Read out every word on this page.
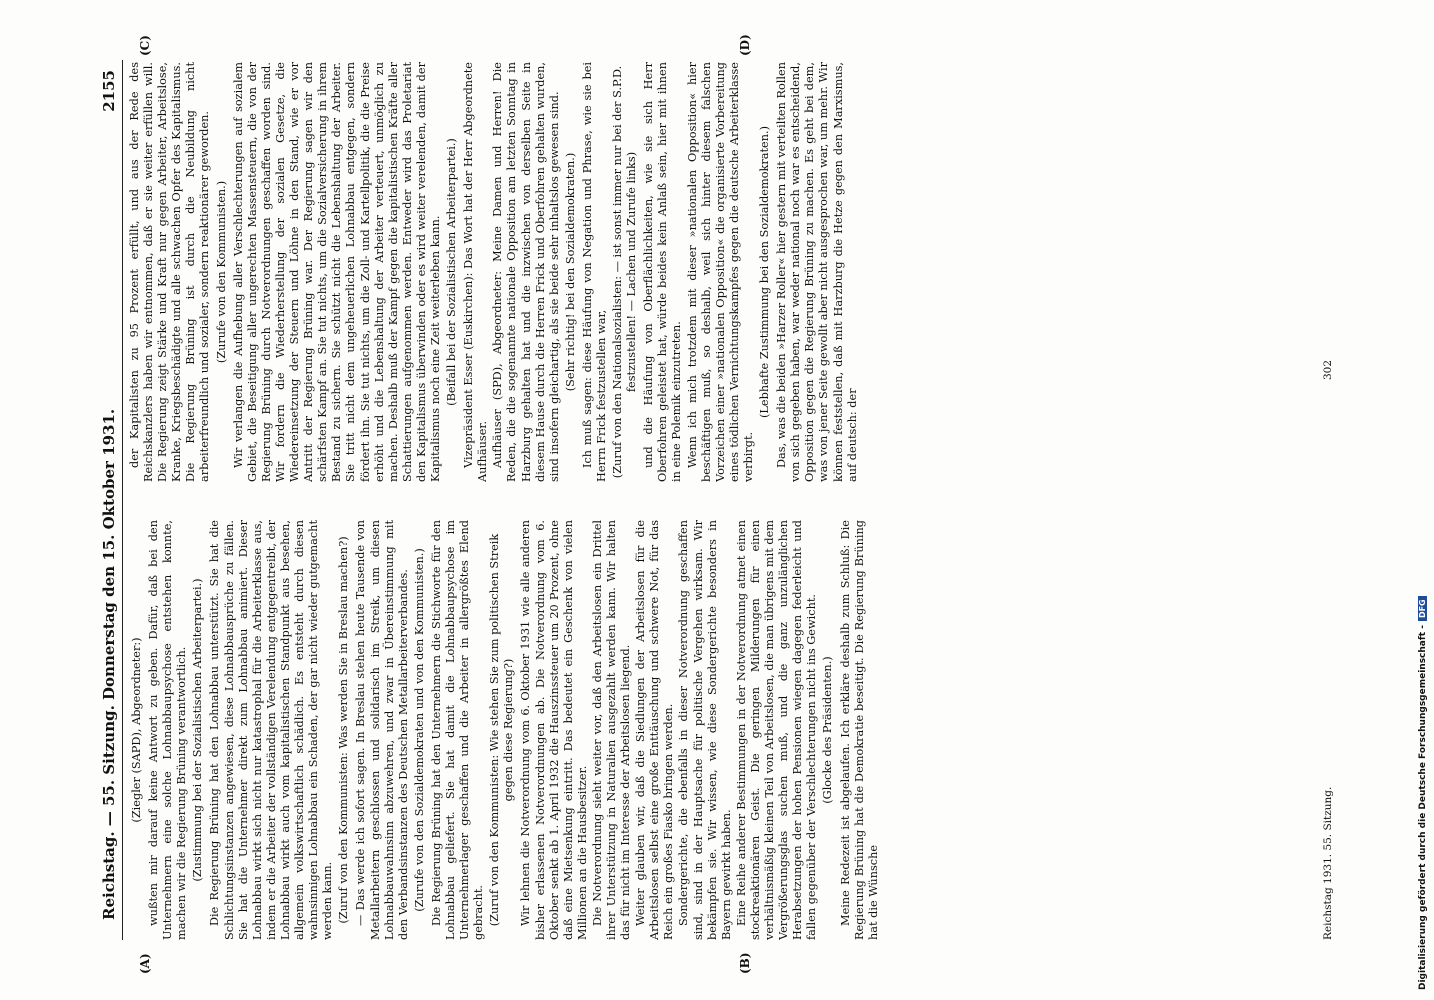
Reichstag. — 55. Sitzung. Donnerstag den 15. Oktober 1931.
2155

(Ziegler (SAPD), Abgeordneter:) wußten mir darauf keine Antwort zu geben. Dafür, daß bei den Unternehmern eine solche Lohnabbaupsychose entstehen konnte, machen wir die Regierung Brüning verantwortlich. (Zustimmung bei der Sozialistischen Arbeiterpartei.) Die Regierung Brüning hat den Lohnabbau unterstützt. Sie hat die Schlichtungsinstanzen angewiesen, diese Lohnabbausprüche zu fällen. Sie hat die Unternehmer direkt zum Lohnabbau animiert. Dieser Lohnabbau wirkt sich nicht nur katastrophal für die Arbeiterklasse aus, indem er die Arbeiter der vollständigen Verelendung entgegentreibt, der Lohnabbau wirkt auch vom kapitalistischen Standpunkt aus besehen, allgemein volkswirtschaftlich schädlich. Es entsteht durch diesen wahnsinnigen Lohnabbau ein Schaden, der gar nicht wieder gutgemacht werden kann. (Zuruf von den Kommunisten: Was werden Sie in Breslau machen?) — Das werde ich sofort sagen. In Breslau stehen heute Tausende von Metallarbeitern geschlossen und solidarisch im Streik, um diesen Lohnabbauwahnsinn abzuwehren, und zwar in Übereinstimmung mit den Verbandsinstanzen des Deutschen Metallarbeiterverbandes. (Zurufe von den Sozialdemokraten und von den Kommunisten.) Die Regierung Brüning hat den Unternehmern die Stichworte für den Lohnabbau geliefert. Sie hat damit die Lohnabbaupsychose im Unternehmerlager geschaffen und die Arbeiter in allergrößtes Elend gebracht. (Zuruf von den Kommunisten: Wie stehen Sie zum politischen Streik gegen diese Regierung?) Wir lehnen die Notverordnung vom 6. Oktober 1931 wie alle anderen bisher erlassenen Notverordnungen ab. Die Notverordnung vom 6. Oktober senkt ab 1. April 1932 die Hauszinssteuer um 20 Prozent, ohne daß eine Mietsenkung eintritt. Das bedeutet ein Geschenk von vielen Millionen an die Hausbesitzer. Die Notverordnung sieht weiter vor, daß den Arbeitslosen ein Drittel ihrer Unterstützung in Naturalien ausgezahlt werden kann. Wir halten das für nicht im Interesse der Arbeitslosen liegend. Weiter glauben wir, daß die Siedlungen der Arbeitslosen für die Arbeitslosen selbst eine große Enttäuschung und schwere Not, für das Reich ein großes Fiasko bringen werden. Sondergerichte, die ebenfalls in dieser Notverordnung geschaffen sind, sind in der Hauptsache für politische Vergehen wirksam. Wir bekämpfen sie. Wir wissen, wie diese Sondergerichte besonders in Bayern gewirkt haben. Eine Reihe anderer Bestimmungen in der Notverordnung atmet einen stockreaktionären Geist. Die geringen Milderungen für einen verhältnismäßig kleinen Teil von Arbeitslosen, die man übrigens mit dem Vergrößerungsglas suchen muß, und die ganz unzulänglichen Herabsetzungen der hohen Pensionen wiegen dagegen federleicht und fallen gegenüber der Verschlechterungen nicht ins Gewicht. (Glocke des Präsidenten.) Meine Redezeit ist abgelaufen. Ich erkläre deshalb zum Schluß: Die Regierung Brüning hat die Demokratie beseitigt. Die Regierung Brüning hat die Wünsche

der Kapitalisten zu 95 Prozent erfüllt, und aus der Rede des Reichskanzlers haben wir entnommen, daß er sie weiter erfüllen will. Die Regierung zeigt Stärke und Kraft nur gegen Arbeiter, Arbeitslose, Kranke, Kriegsbeschädigte und alle schwachen Opfer des Kapitalismus. Die Regierung Brüning ist durch die Neubildung nicht arbeiterfreundlich und sozialer, sondern reaktionärer geworden. (Zurufe von den Kommunisten.) Wir verlangen die Aufhebung aller Verschlechterungen auf sozialem Gebiet, die Beseitigung aller ungerechten Massensteuern, die von der Regierung Brüning durch Notverordnungen geschaffen worden sind. Wir fordern die Wiederherstellung der sozialen Gesetze, die Wiedereinsetzung der Steuern und Löhne in den Stand, wie er vor Antritt der Regierung Brüning war. Der Regierung sagen wir den schärfsten Kampf an. Sie tut nichts, um die Sozialversicherung in ihrem Bestand zu sichern. Sie schützt nicht die Lebenshaltung der Arbeiter. Sie tritt nicht dem ungeheuerlichen Lohnabbau entgegen, sondern fördert ihn. Sie tut nichts, um die Zoll- und Kartellpolitik, die die Preise erhöht und die Lebenshaltung der Arbeiter verteuert, unmöglich zu machen. Deshalb muß der Kampf gegen die kapitalistischen Kräfte aller Schattierungen aufgenommen werden. Entweder wird das Proletariat den Kapitalismus überwinden oder es wird weiter verelenden, damit der Kapitalismus noch eine Zeit weiterleben kann. (Beifall bei der Sozialistischen Arbeiterpartei.) Vizepräsident Esser (Euskirchen): Das Wort hat der Herr Abgeordnete Aufhäuser. Aufhäuser (SPD), Abgeordneter: Meine Damen und Herren! Die Reden, die die sogenannte nationale Opposition am letzten Sonntag in Harzburg gehalten hat und die inzwischen von derselben Seite in diesem Hause durch die Herren Frick und Oberfohren gehalten wurden, sind insofern gleichartig, als sie beide sehr inhaltslos gewesen sind. (Sehr richtig! bei den Sozialdemokraten.) Ich muß sagen: diese Häufung von Negation und Phrase, wie sie bei Herrn Frick festzustellen war, (Zuruf von den Nationalsozialisten: — ist sonst immer nur bei der S.P.D. festzustellen! — Lachen und Zurufe links) und die Häufung von Oberflächlichkeiten, wie sie sich Herr Oberfohren geleistet hat, würde beides kein Anlaß sein, hier mit ihnen in eine Polemik einzutreten. Wenn ich mich trotzdem mit dieser »nationalen Opposition« hier beschäftigen muß, so deshalb, weil sich hinter diesem falschen Vorzeichen einer »nationalen Opposition« die organisierte Vorbereitung eines tödlichen Vernichtungskampfes gegen die deutsche Arbeiterklasse verbirgt.

(Lebhafte Zustimmung bei den Sozialdemokraten.) Das, was die beiden »Harzer Roller« hier gestern mit verteilten Rollen von sich gegeben haben, war weder national noch war es entscheidend, Opposition gegen die Regierung Brüning zu machen. Es geht bei dem, was von jener Seite gewollt aber nicht ausgesprochen war, um mehr. Wir können feststellen, daß mit Harzburg die Hetze gegen den Marxismus, auf deutsch: der

(A)	(B)
(C)	(D)
Reichstag 1931. 55. Sitzung.
302
Digitalisierung gefördert durch die Deutsche Forschungsgemeinschaft -DFG
